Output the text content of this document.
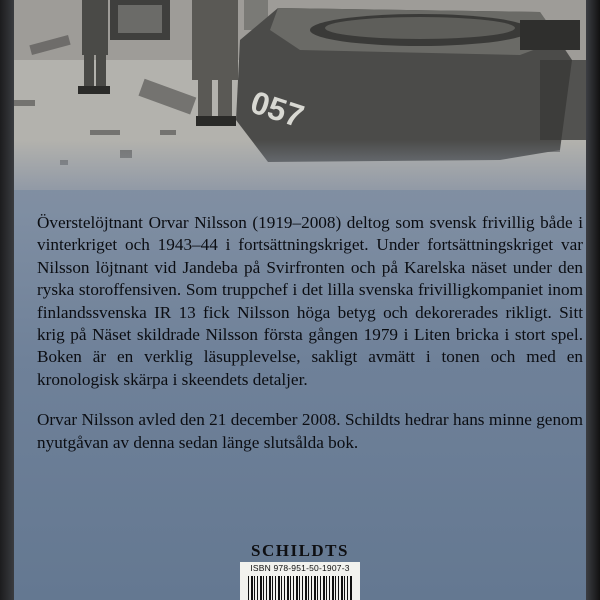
057

Överstelöjtnant Orvar Nilsson (1919–2008) deltog som svensk frivillig både i vinterkriget och 1943–44 i fortsättningskriget. Under fortsättningskriget var Nilsson löjtnant vid Jandeba på Svirfronten och på Karelska näset under den ryska storoffensiven. Som truppchef i det lilla svenska frivilligkompaniet inom finlandssvenska IR 13 fick Nilsson höga betyg och dekorerades rikligt. Sitt krig på Näset skildrade Nilsson första gången 1979 i Liten bricka i stort spel. Boken är en verklig läsupplevelse, sakligt avmätt i tonen och med en kronologisk skärpa i skeendets detaljer.

Orvar Nilsson avled den 21 december 2008. Schildts hedrar hans minne genom nyutgåvan av denna sedan länge slutsålda bok.

SCHILDTS
ISBN 978-951-50-1907-3
